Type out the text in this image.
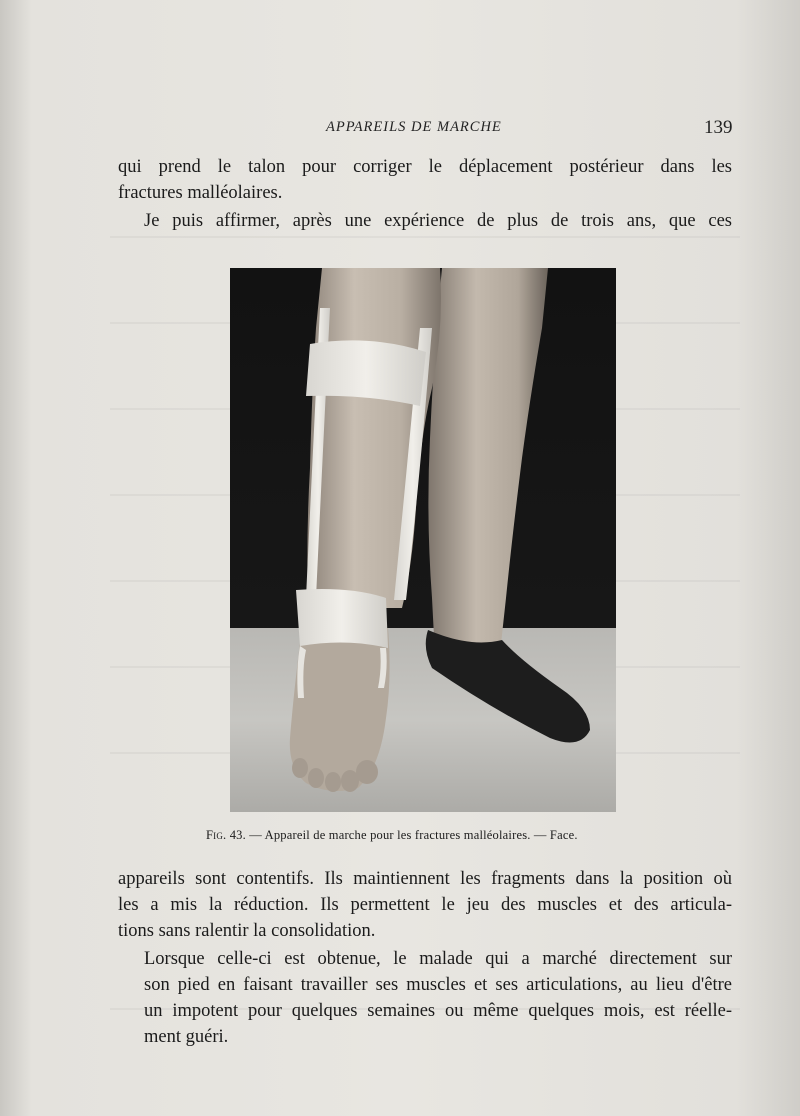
APPAREILS DE MARCHE	139

qui prend le talon pour corriger le déplacement postérieur dans les
fractures malléolaires.

Je puis affirmer, après une expérience de plus de trois ans, que ces

Fig. 43. — Appareil de marche pour les fractures malléolaires. — Face.

appareils sont contentifs. Ils maintiennent les fragments dans la position où
les a mis la réduction. Ils permettent le jeu des muscles et des articula-
tions sans ralentir la consolidation.

Lorsque celle-ci est obtenue, le malade qui a marché directement sur
son pied en faisant travailler ses muscles et ses articulations, au lieu d'être
un impotent pour quelques semaines ou même quelques mois, est réelle-
ment guéri.
